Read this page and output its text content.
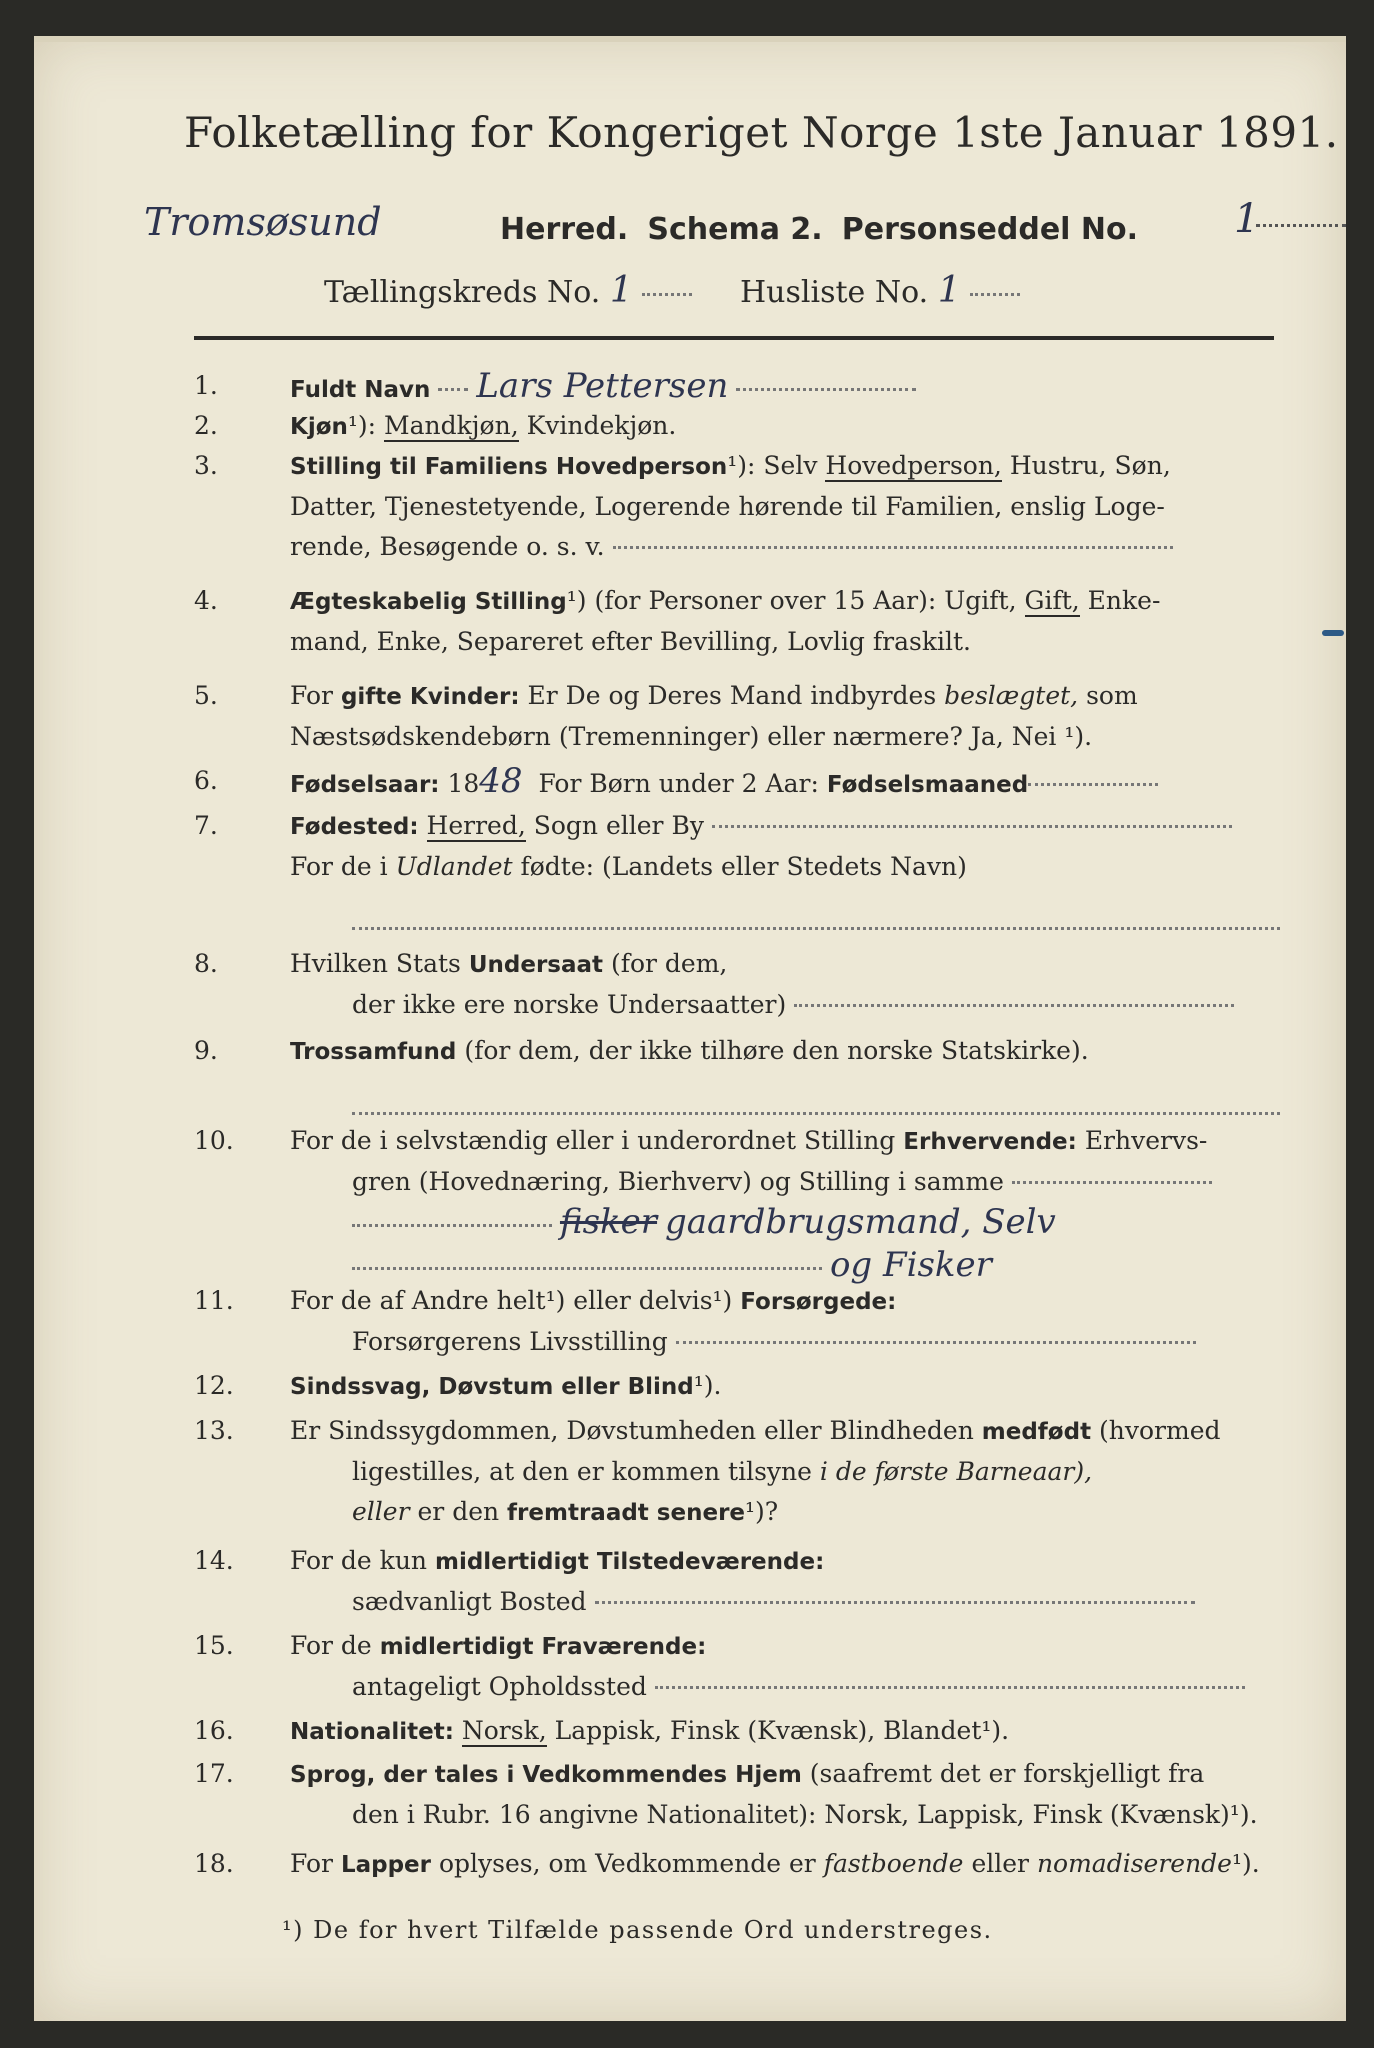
Folketælling for Kongeriget Norge 1ste Januar 1891.
Tromsøsund	Herred. Schema 2. Personseddel No. 1
Tællingskreds No. 1	Husliste No. 1
1.	Fuldt Navn Lars Pettersen
2.	Kjøn¹): Mandkjøn, Kvindekjøn.
3.	Stilling til Familiens Hovedperson¹): Selv Hovedperson, Hustru, Søn,
Datter, Tjenestetyende, Logerende hørende til Familien, enslig Loge-
rende, Besøgende o. s. v.
4.	Ægteskabelig Stilling¹) (for Personer over 15 Aar): Ugift, Gift, Enke-
mand, Enke, Separeret efter Bevilling, Lovlig fraskilt.
5.	For gifte Kvinder: Er De og Deres Mand indbyrdes beslægtet, som
Næstsødskendebørn (Tremenninger) eller nærmere? Ja, Nei ¹).
6.	Fødselsaar: 1848 For Børn under 2 Aar: Fødselsmaaned
7.	Fødested: Herred, Sogn eller By
For de i Udlandet fødte: (Landets eller Stedets Navn)
8.	Hvilken Stats Undersaat (for dem,
der ikke ere norske Undersaatter)
9.	Trossamfund (for dem, der ikke tilhøre den norske Statskirke).
10.	For de i selvstændig eller i underordnet Stilling Erhvervende: Erhvervs-
gren (Hovednæring, Bierhverv) og Stilling i samme
fisker gaardbrugsmand, Selv
og Fisker
11.	For de af Andre helt¹) eller delvis¹) Forsørgede:
Forsørgerens Livsstilling
12.	Sindssvag, Døvstum eller Blind¹).
13.	Er Sindssygdommen, Døvstumheden eller Blindheden medfødt (hvormed
ligestilles, at den er kommen tilsyne i de første Barneaar),
eller er den fremtraadt senere¹)?
14.	For de kun midlertidigt Tilstedeværende:
sædvanligt Bosted
15.	For de midlertidigt Fraværende:
antageligt Opholdssted
16.	Nationalitet: Norsk, Lappisk, Finsk (Kvænsk), Blandet¹).
17.	Sprog, der tales i Vedkommendes Hjem (saafremt det er forskjelligt fra
den i Rubr. 16 angivne Nationalitet): Norsk, Lappisk, Finsk (Kvænsk)¹).
18.	For Lapper oplyses, om Vedkommende er fastboende eller nomadiserende¹).
¹) De for hvert Tilfælde passende Ord understreges.
